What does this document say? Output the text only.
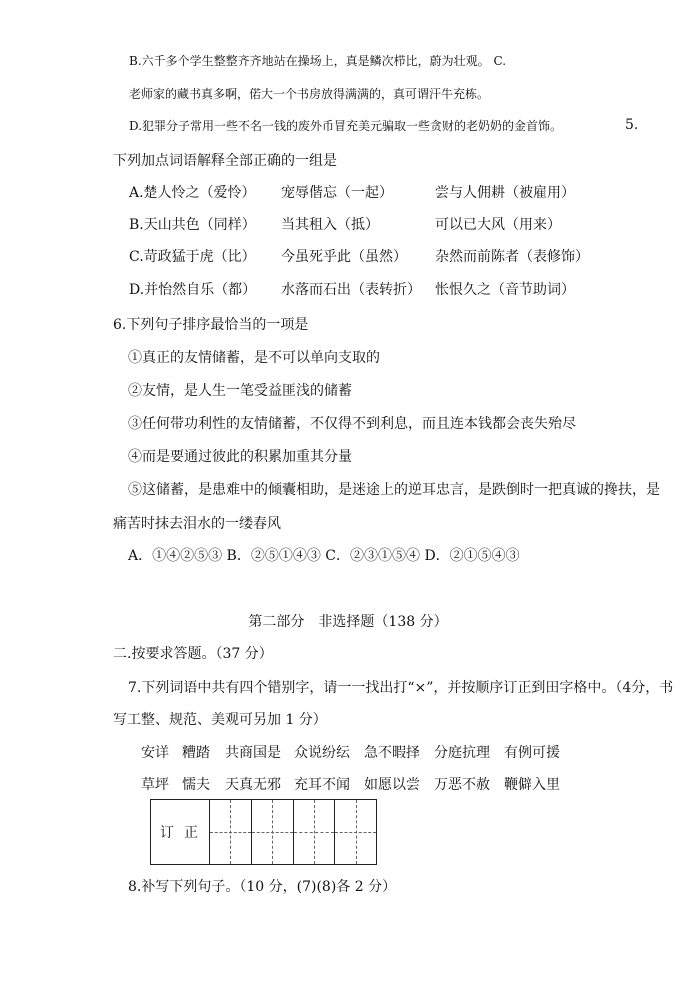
B.六千多个学生整整齐齐地站在操场上，真是鳞次栉比，蔚为壮观。 C.
老师家的藏书真多啊，偌大一个书房放得满满的，真可谓汗牛充栋。
D.犯罪分子常用一些不名一钱的废外币冒充美元骗取一些贪财的老奶奶的金首饰。	5.
下列加点词语解释全部正确的一组是
A.楚人怜之（爱怜） 宠辱偕忘（一起）	尝与人佣耕（被雇用）
B.天山共色（同样） 当其租入（抵）	可以已大风（用来）
C.苛政猛于虎（比） 今虽死乎此（虽然） 杂然而前陈者（表修饰）
D.并怡然自乐（都） 水落而石出（表转折） 怅恨久之（音节助词）
6.下列句子排序最恰当的一项是
①真正的友情储蓄，是不可以单向支取的
②友情，是人生一笔受益匪浅的储蓄
③任何带功利性的友情储蓄，不仅得不到利息，而且连本钱都会丧失殆尽
④而是要通过彼此的积累加重其分量
⑤这储蓄，是患难中的倾囊相助，是迷途上的逆耳忠言，是跌倒时一把真诚的搀扶，是
痛苦时抹去泪水的一缕春风
A．①④②⑤③ B．②⑤①④③ C．②③①⑤④ D．②①⑤④③
第二部分　非选择题（138 分）
二.按要求答题。（37 分）
7.下列词语中共有四个错别字，请一一找出打“×”，并按顺序订正到田字格中。（4分，书
写工整、规范、美观可另加 1 分）
安详 糟踏 共商国是 众说纷纭 急不暇择 分庭抗理 有例可援
草坪 懦夫 天真无邪 充耳不闻 如愿以尝 万恶不赦 鞭僻入里
订正
8.补写下列句子。（10 分，(7)(8)各 2 分）
